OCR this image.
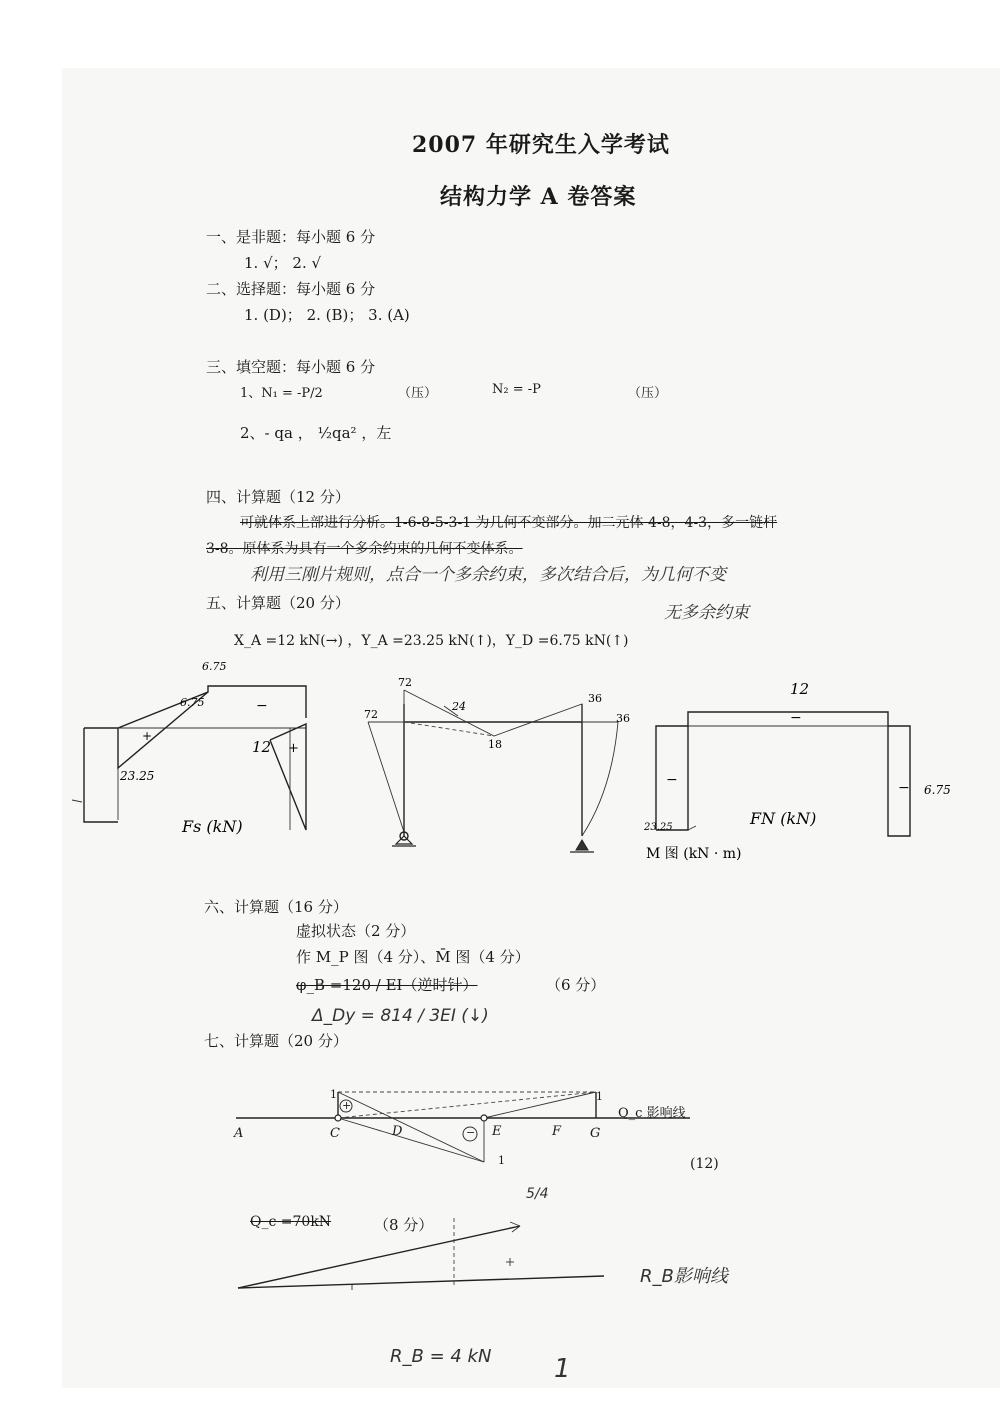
2007 年研究生入学考试
结构力学 A 卷答案
一、是非题：每小题 6 分
1. √； 2. √
二、选择题：每小题 6 分
1. (D)； 2. (B)； 3. (A)
三、填空题：每小题 6 分
1、N₁ = -P/2	（压）	N₂ = -P	（压）
2、- qa ， ½qa² ，左
四、计算题（12 分）
可就体系上部进行分析。1-6-8-5-3-1 为几何不变部分。加二元体 4-8，4-3，多一链杆
3-8。原体系为具有一个多余约束的几何不变体系。
利用三刚片规则，点合一个多余约束，多次结合后，为几何不变
无多余约束
五、计算题（20 分）
X_A =12 kN(→) ，Y_A =23.25 kN(↑)，Y_D =6.75 kN(↑)
6.75
6.75
23.25
12
+
−
+
Fs (kN)
72
72
24
18
36
36
M 图 (kN · m)
12
−
−
23.25
6.75
−
FN (kN)
六、计算题（16 分）
虚拟状态（2 分）
作 M_P 图（4 分）、M̄ 图（4 分）
φ_B =120 / EI（逆时针）	（6 分）
Δ_Dy = 814 / 3EI (↓)
七、计算题（20 分）
1	1
1
+
−
A	C	D	E	F G
Q_c 影响线
(12)
Q_c =70kN	（8 分）
5/4
R_B影响线
R_B = 4 kN 1
